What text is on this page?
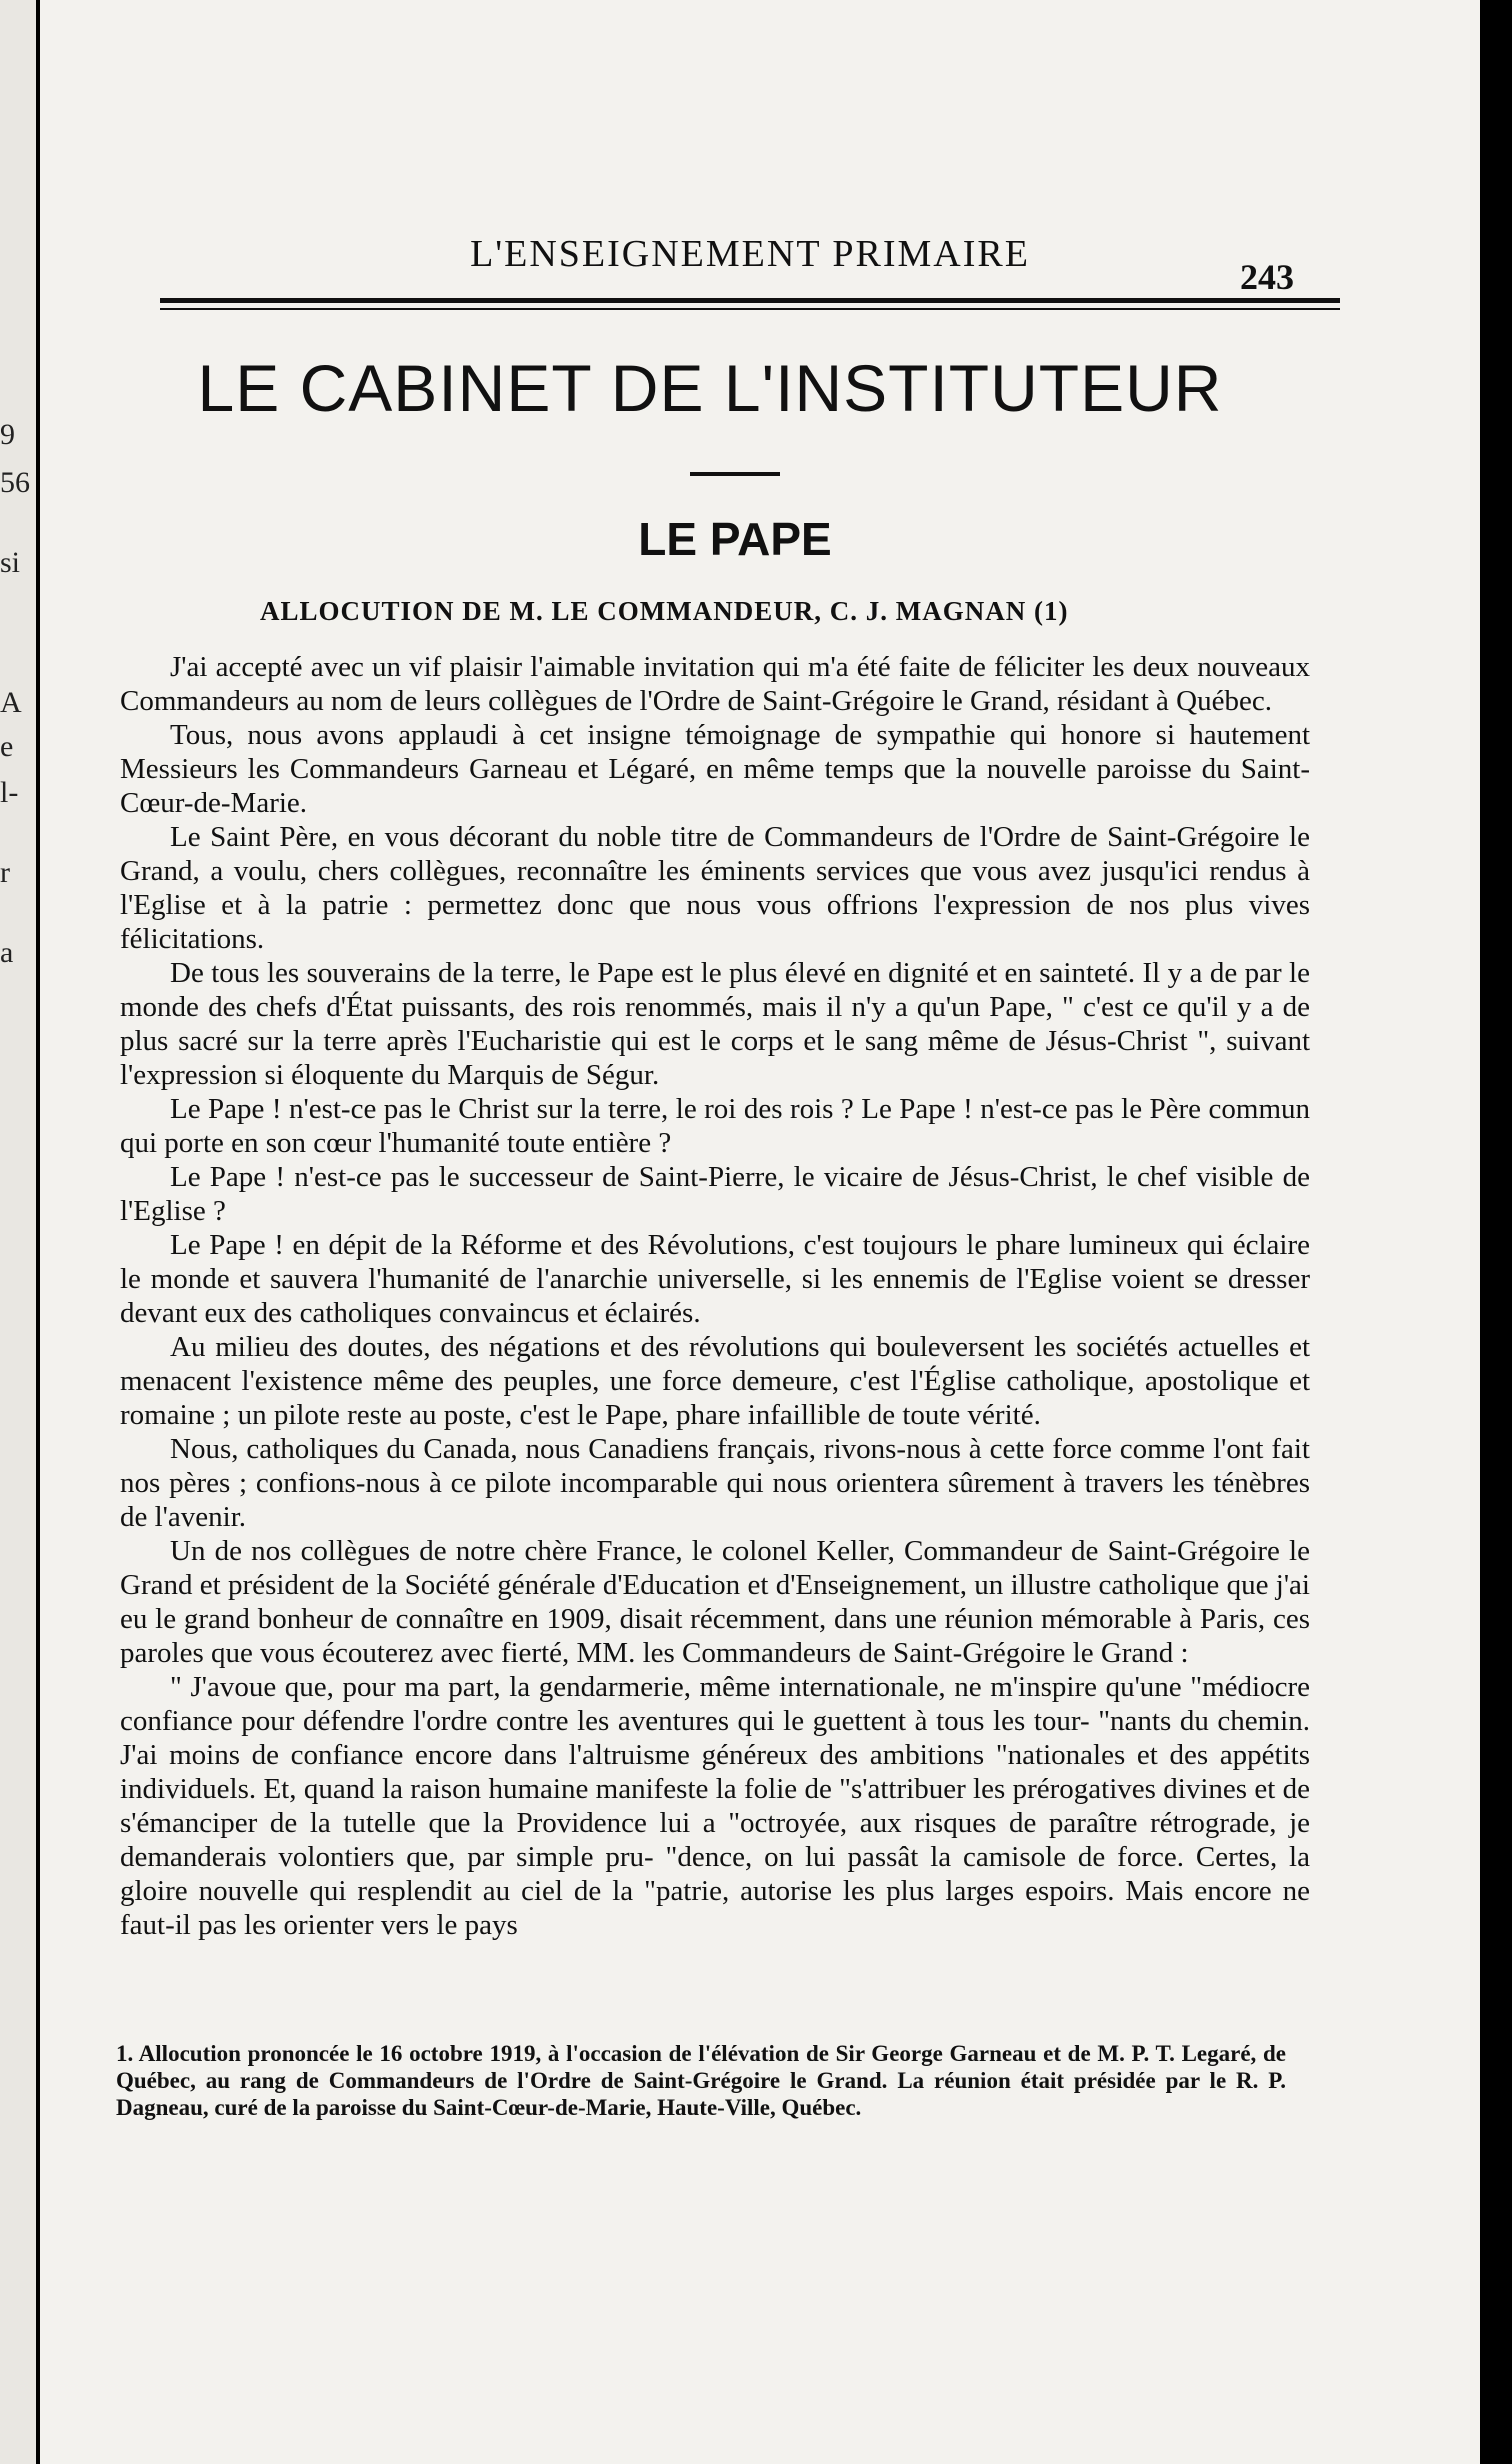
9
56
si
A
e
l-
r
a
L'ENSEIGNEMENT PRIMAIRE
243
LE CABINET DE L'INSTITUTEUR
LE PAPE
ALLOCUTION DE M. LE COMMANDEUR, C. J. MAGNAN (1)

J'ai accepté avec un vif plaisir l'aimable invitation qui m'a été faite de féliciter les deux nouveaux Commandeurs au nom de leurs collègues de l'Ordre de Saint-Grégoire le Grand, résidant à Québec.

Tous, nous avons applaudi à cet insigne témoignage de sympathie qui honore si hautement Messieurs les Commandeurs Garneau et Légaré, en même temps que la nouvelle paroisse du Saint-Cœur-de-Marie.

Le Saint Père, en vous décorant du noble titre de Commandeurs de l'Ordre de Saint-Grégoire le Grand, a voulu, chers collègues, reconnaître les éminents services que vous avez jusqu'ici rendus à l'Eglise et à la patrie : permettez donc que nous vous offrions l'expression de nos plus vives félicitations.

De tous les souverains de la terre, le Pape est le plus élevé en dignité et en sainteté. Il y a de par le monde des chefs d'État puissants, des rois renommés, mais il n'y a qu'un Pape, " c'est ce qu'il y a de plus sacré sur la terre après l'Eucharistie qui est le corps et le sang même de Jésus-Christ ", suivant l'expression si éloquente du Marquis de Ségur.

Le Pape ! n'est-ce pas le Christ sur la terre, le roi des rois ? Le Pape ! n'est-ce pas le Père commun qui porte en son cœur l'humanité toute entière ?

Le Pape ! n'est-ce pas le successeur de Saint-Pierre, le vicaire de Jésus-Christ, le chef visible de l'Eglise ?

Le Pape ! en dépit de la Réforme et des Révolutions, c'est toujours le phare lumineux qui éclaire le monde et sauvera l'humanité de l'anarchie universelle, si les ennemis de l'Eglise voient se dresser devant eux des catholiques convaincus et éclairés.

Au milieu des doutes, des négations et des révolutions qui bouleversent les sociétés actuelles et menacent l'existence même des peuples, une force demeure, c'est l'Église catholique, apostolique et romaine ; un pilote reste au poste, c'est le Pape, phare infaillible de toute vérité.

Nous, catholiques du Canada, nous Canadiens français, rivons-nous à cette force comme l'ont fait nos pères ; confions-nous à ce pilote incomparable qui nous orientera sûrement à travers les ténèbres de l'avenir.

Un de nos collègues de notre chère France, le colonel Keller, Commandeur de Saint-Grégoire le Grand et président de la Société générale d'Education et d'Enseignement, un illustre catholique que j'ai eu le grand bonheur de connaître en 1909, disait récemment, dans une réunion mémorable à Paris, ces paroles que vous écouterez avec fierté, MM. les Commandeurs de Saint-Grégoire le Grand :

" J'avoue que, pour ma part, la gendarmerie, même internationale, ne m'inspire qu'une "médiocre confiance pour défendre l'ordre contre les aventures qui le guettent à tous les tour- "nants du chemin. J'ai moins de confiance encore dans l'altruisme généreux des ambitions "nationales et des appétits individuels. Et, quand la raison humaine manifeste la folie de "s'attribuer les prérogatives divines et de s'émanciper de la tutelle que la Providence lui a "octroyée, aux risques de paraître rétrograde, je demanderais volontiers que, par simple pru- "dence, on lui passât la camisole de force. Certes, la gloire nouvelle qui resplendit au ciel de la "patrie, autorise les plus larges espoirs. Mais encore ne faut-il pas les orienter vers le pays

1. Allocution prononcée le 16 octobre 1919, à l'occasion de l'élévation de Sir George Garneau et de M. P. T. Legaré, de Québec, au rang de Commandeurs de l'Ordre de Saint-Grégoire le Grand. La réunion était présidée par le R. P. Dagneau, curé de la paroisse du Saint-Cœur-de-Marie, Haute-Ville, Québec.
